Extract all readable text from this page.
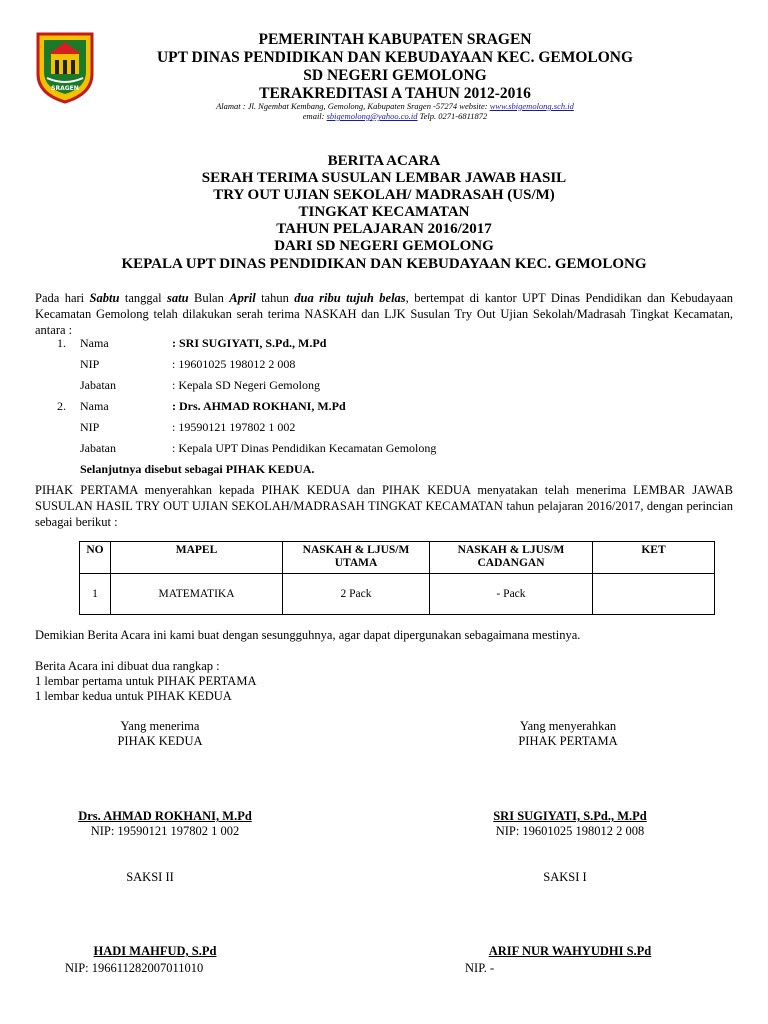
SRAGEN
PEMERINTAH KABUPATEN SRAGEN
UPT DINAS PENDIDIKAN DAN KEBUDAYAAN KEC. GEMOLONG
SD NEGERI GEMOLONG
TERAKREDITASI A TAHUN 2012-2016
Alamat : Jl. Ngembat Kembang, Gemolong, Kabupaten Sragen -57274 website: www.sbigemolong.sch.id
email: sbigemolong@yahoo.co.id Telp. 0271-6811872
BERITA ACARA
SERAH TERIMA SUSULAN LEMBAR JAWAB HASIL
TRY OUT UJIAN SEKOLAH/ MADRASAH (US/M)
TINGKAT KECAMATAN
TAHUN PELAJARAN 2016/2017
DARI SD NEGERI GEMOLONG
KEPALA UPT DINAS PENDIDIKAN DAN KEBUDAYAAN KEC. GEMOLONG
Pada hari Sabtu tanggal satu Bulan April tahun dua ribu tujuh belas, bertempat di kantor UPT Dinas Pendidikan dan Kebudayaan Kecamatan Gemolong telah dilakukan serah terima NASKAH dan LJK Susulan Try Out Ujian Sekolah/Madrasah Tingkat Kecamatan, antara :
1. Nama	: SRI SUGIYATI, S.Pd., M.Pd
NIP	: 19601025 198012 2 008
Jabatan	: Kepala SD Negeri Gemolong
2. Nama	: Drs. AHMAD ROKHANI, M.Pd
NIP	: 19590121 197802 1 002
Jabatan	: Kepala UPT Dinas Pendidikan Kecamatan Gemolong
Selanjutnya disebut sebagai PIHAK KEDUA.
PIHAK PERTAMA menyerahkan kepada PIHAK KEDUA dan PIHAK KEDUA menyatakan telah menerima LEMBAR JAWAB SUSULAN HASIL TRY OUT UJIAN SEKOLAH/MADRASAH TINGKAT KECAMATAN tahun pelajaran 2016/2017, dengan perincian sebagai berikut :
NO	MAPEL	NASKAH & LJUS/M UTAMA	NASKAH & LJUS/M CADANGAN	KET
1	MATEMATIKA	2 Pack	- Pack	
Demikian Berita Acara ini kami buat dengan sesungguhnya, agar dapat dipergunakan sebagaimana mestinya.
Berita Acara ini dibuat dua rangkap :
1 lembar pertama untuk PIHAK PERTAMA
1 lembar kedua untuk PIHAK KEDUA
Yang menerima
PIHAK KEDUA
Yang menyerahkan
PIHAK PERTAMA
Drs. AHMAD ROKHANI, M.Pd
NIP: 19590121 197802 1 002
SRI SUGIYATI, S.Pd., M.Pd
NIP: 19601025 198012 2 008
SAKSI II	SAKSI I
HADI MAHFUD, S.Pd
NIP: 196611282007011010
ARIF NUR WAHYUDHI S.Pd
NIP. -
